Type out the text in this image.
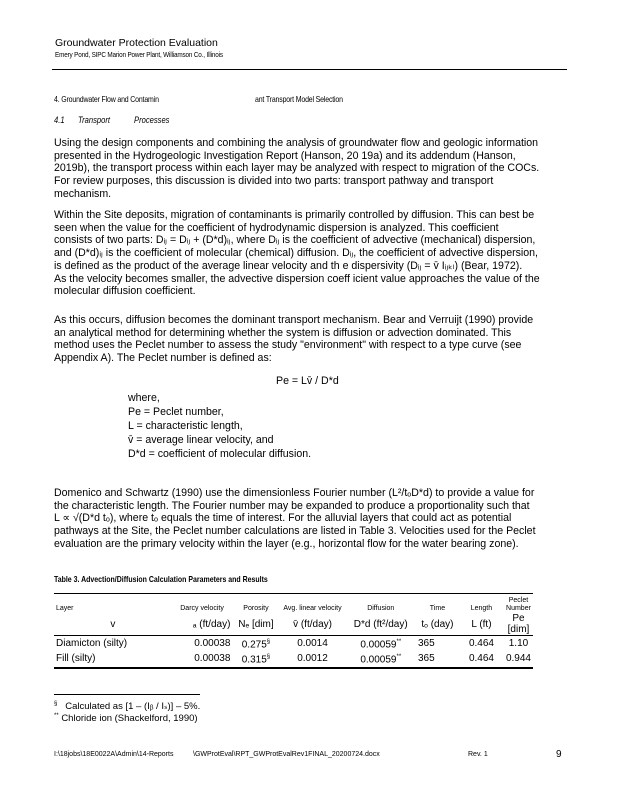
Groundwater Protection Evaluation
Emery Pond, SIPC Marion Power Plant, Williamson Co., Illinois
4. Groundwater Flow and Contamin	ant Transport Model Selection
4.1 Transport	Processes
Using the design components and combining the analysis of groundwater flow and geologic information
presented in the Hydrogeologic Investigation Report (Hanson, 20 19a) and its addendum (Hanson,
2019b), the transport process within each layer may be analyzed with respect to migration of the COCs.
For review purposes, this discussion is divided into two parts: transport pathway and transport
mechanism.
Within the Site deposits, migration of contaminants is primarily controlled by diffusion. This can best be
seen when the value for the coefficient of hydrodynamic dispersion is analyzed. This coefficient
consists of two parts: Dᵢⱼ = Dᵢⱼ + (D*d)ᵢⱼ, where Dᵢⱼ is the coefficient of advective (mechanical) dispersion,
and (D*d)ᵢⱼ is the coefficient of molecular (chemical) diffusion. Dᵢⱼ, the coefficient of advective dispersion,
is defined as the product of the average linear velocity and th e dispersivity (Dᵢⱼ = v̄ Iᵢⱼₖₗ) (Bear, 1972).
As the velocity becomes smaller, the advective dispersion coeff icient value approaches the value of the
molecular diffusion coefficient.
As this occurs, diffusion becomes the dominant transport mechanism. Bear and Verruijt (1990) provide
an analytical method for determining whether the system is diffusion or advection dominated. This
method uses the Peclet number to assess the study "environment" with respect to a type curve (see
Appendix A). The Peclet number is defined as:
Pe = Lv̄ / D*d
where,
Pe = Peclet number,
L = characteristic length,
v̄ = average linear velocity, and
D*d = coefficient of molecular diffusion.
Domenico and Schwartz (1990) use the dimensionless Fourier number (L²/tₒD*d) to provide a value for
the characteristic length. The Fourier number may be expanded to produce a proportionality such that
L ∝ √(D*d tₒ), where tₒ equals the time of interest. For the alluvial layers that could act as potential
pathways at the Site, the Peclet number calculations are listed in Table 3. Velocities used for the Peclet
evaluation are the primary velocity within the layer (e.g., horizontal flow for the water bearing zone).
Table 3. Advection/Diffusion Calculation Parameters and Results
Layer	Darcy velocity	Porosity	Avg. linear velocity	Diffusion	Time	Length	Peclet Number
v	ₐ (ft/day)	Nₑ [dim]	v̄ (ft/day)	D*d (ft²/day)	tₒ (day)	L (ft)	Pe [dim]
Diamicton (silty)	0.00038	0.275§	0.0014	0.00059**	365	0.464	1.10
Fill (silty)	0.00038	0.315§	0.0012	0.00059**	365	0.464	0.944
§ Calculated as [1 – (Iᵦ / Iₛ)] – 5%.
** Chloride ion (Shackelford, 1990)
I:\18jobs\18E0022A\Admin\14-Reports	\GWProtEval\RPT_GWProtEvalRev1FINAL_20200724.docx	Rev. 1	9
